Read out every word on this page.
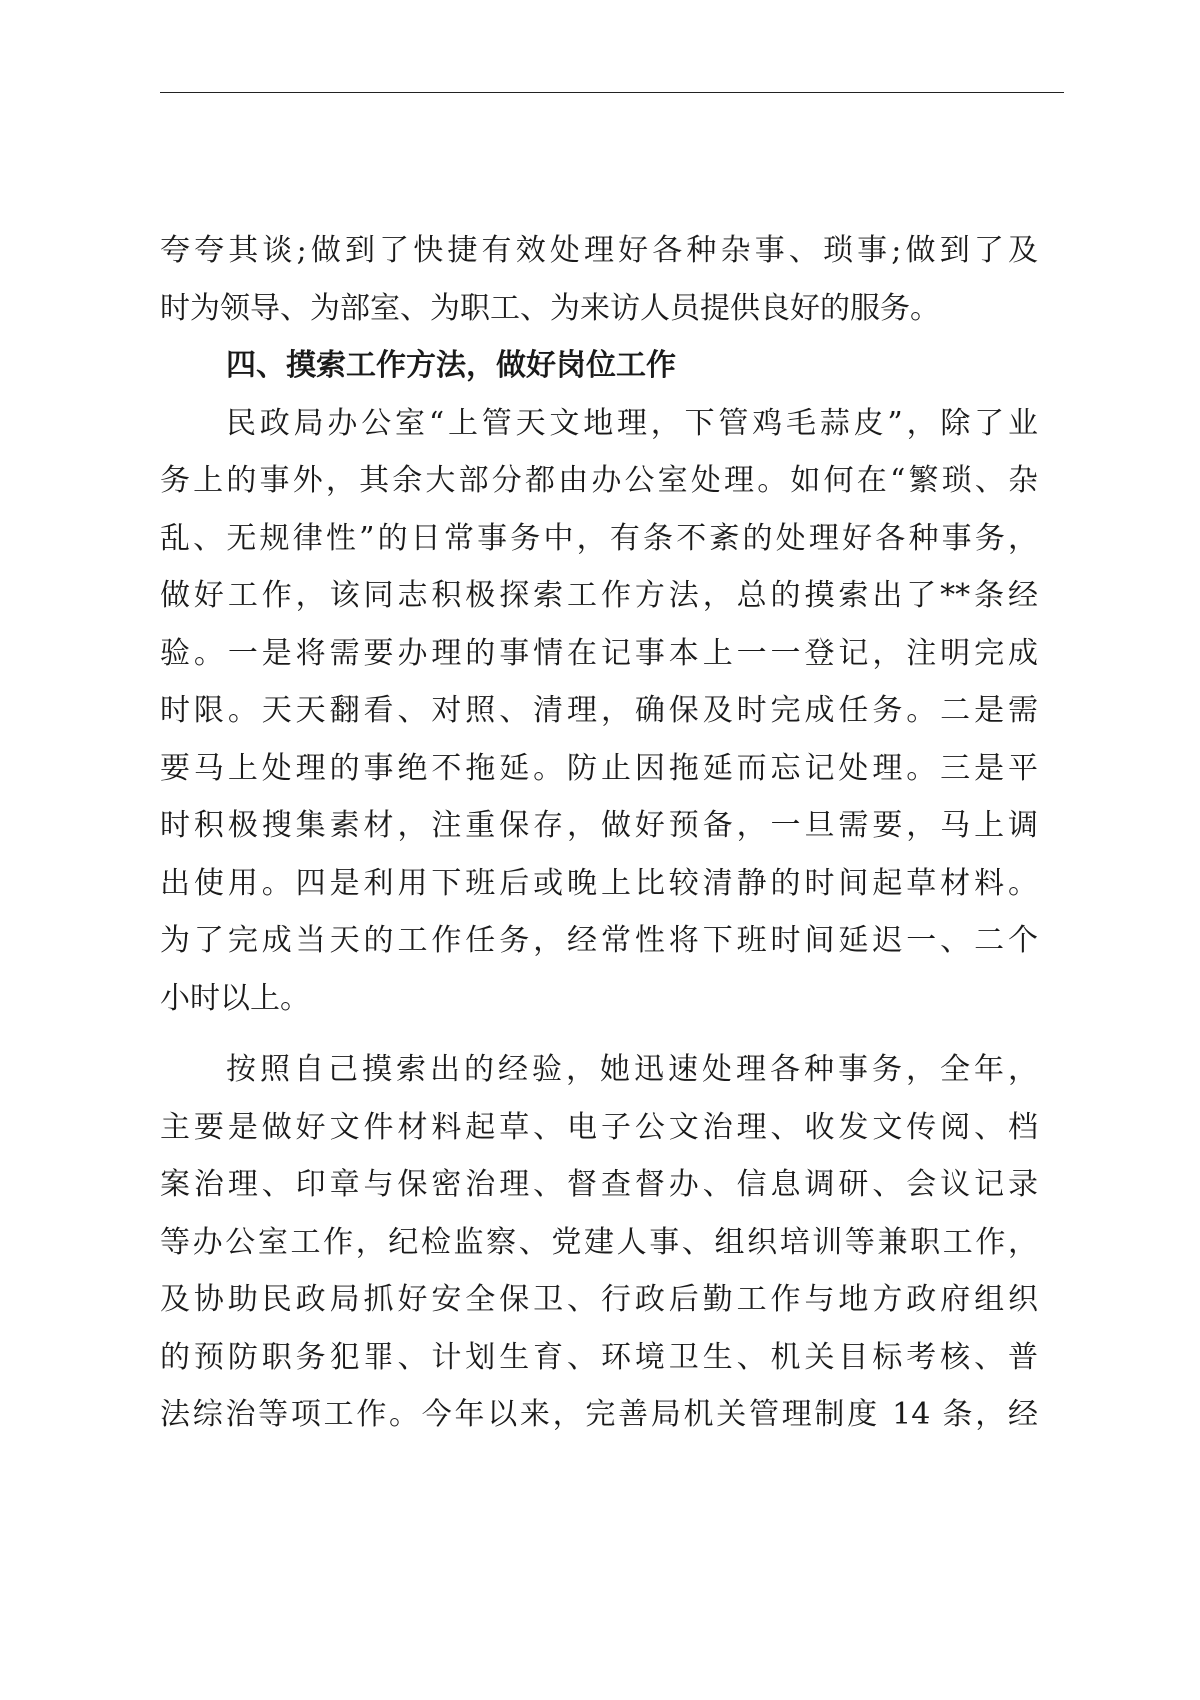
夸夸其谈;做到了快捷有效处理好各种杂事、琐事;做到了及
时为领导、为部室、为职工、为来访人员提供良好的服务。
四、摸索工作方法，做好岗位工作
民政局办公室“上管天文地理，下管鸡毛蒜皮”，除了业
务上的事外，其余大部分都由办公室处理。如何在“繁琐、杂
乱、无规律性”的日常事务中，有条不紊的处理好各种事务，
做好工作，该同志积极探索工作方法，总的摸索出了**条经
验。一是将需要办理的事情在记事本上一一登记，注明完成
时限。天天翻看、对照、清理，确保及时完成任务。二是需
要马上处理的事绝不拖延。防止因拖延而忘记处理。三是平
时积极搜集素材，注重保存，做好预备，一旦需要，马上调
出使用。四是利用下班后或晚上比较清静的时间起草材料。
为了完成当天的工作任务，经常性将下班时间延迟一、二个
小时以上。
按照自己摸索出的经验，她迅速处理各种事务，全年，
主要是做好文件材料起草、电子公文治理、收发文传阅、档
案治理、印章与保密治理、督查督办、信息调研、会议记录
等办公室工作，纪检监察、党建人事、组织培训等兼职工作，
及协助民政局抓好安全保卫、行政后勤工作与地方政府组织
的预防职务犯罪、计划生育、环境卫生、机关目标考核、普
法综治等项工作。今年以来，完善局机关管理制度 14 条，经
